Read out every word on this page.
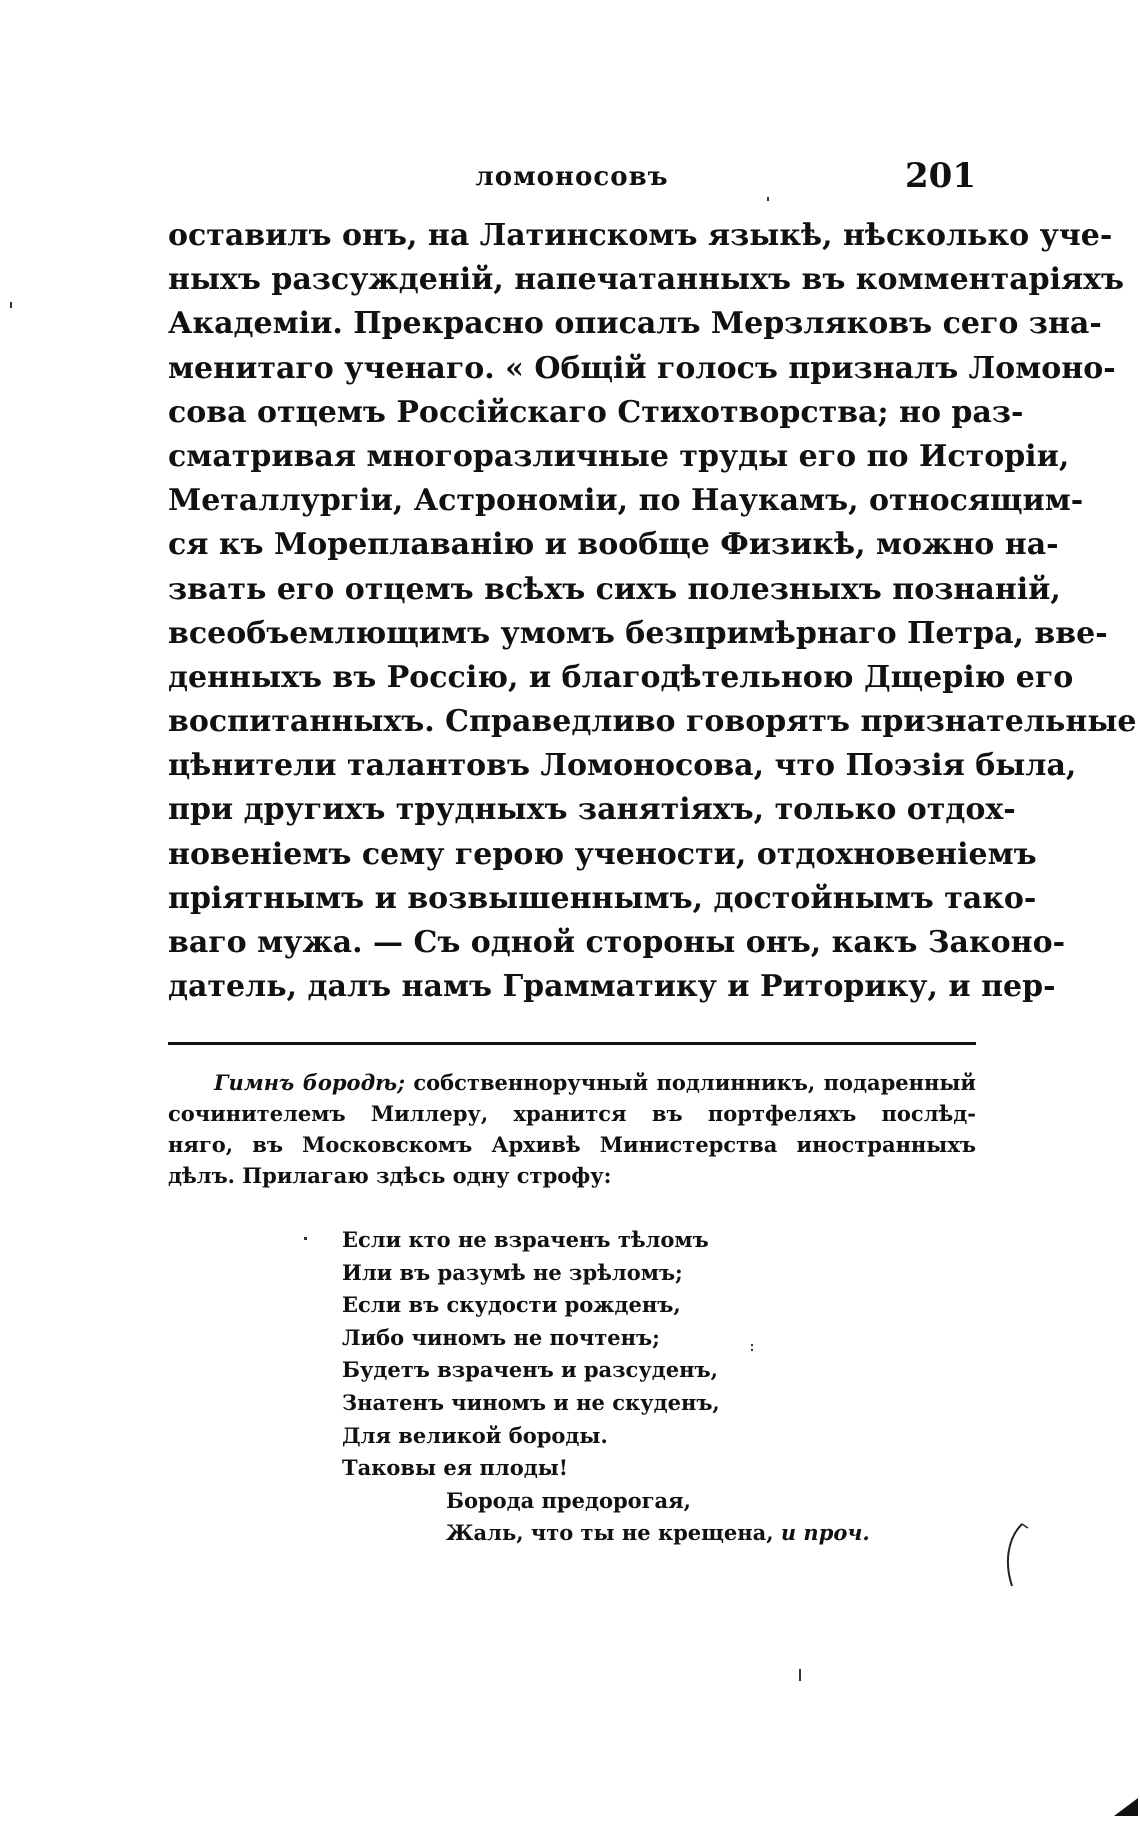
ломоносовъ	201
оставилъ онъ, на Латинскомъ языкѣ, нѣсколько уче-
ныхъ разсужденій, напечатанныхъ въ комментаріяхъ
Академіи. Прекрасно описалъ Мерзляковъ сего зна-
менитаго ученаго. « Общій голосъ призналъ Ломоно-
сова отцемъ Россійскаго Стихотворства; но раз-
сматривая многоразличные труды его по Исторіи,
Металлургіи, Астрономіи, по Наукамъ, относящим-
ся къ Мореплаванію и вообще Физикѣ, можно на-
звать его отцемъ всѣхъ сихъ полезныхъ познаній,
всеобъемлющимъ умомъ безпримѣрнаго Петра, вве-
денныхъ въ Россію, и благодѣтельною Дщерію его
воспитанныхъ. Справедливо говорятъ признательные
цѣнители талантовъ Ломоносова, что Поэзія была,
при другихъ трудныхъ занятіяхъ, только отдох-
новеніемъ сему герою учености, отдохновеніемъ
пріятнымъ и возвышеннымъ, достойнымъ тако-
ваго мужа. — Съ одной стороны онъ, какъ Законо-
датель, далъ намъ Грамматику и Риторику, и пер-
Гимнъ бородѣ; собственноручный подлинникъ, подаренный
сочинителемъ Миллеру, хранится въ портфеляхъ послѣд-
няго, въ Московскомъ Архивѣ Министерства иностранныхъ
дѣлъ. Прилагаю здѣсь одну строфу:
Если кто не взраченъ тѣломъ
Или въ разумѣ не зрѣломъ;
Если въ скудости рожденъ,
Либо чиномъ не почтенъ;
Будетъ взраченъ и разсуденъ,
Знатенъ чиномъ и не скуденъ,
Для великой бороды.
Таковы ея плоды!
Борода предорогая,
Жаль, что ты не крещена, и проч.
